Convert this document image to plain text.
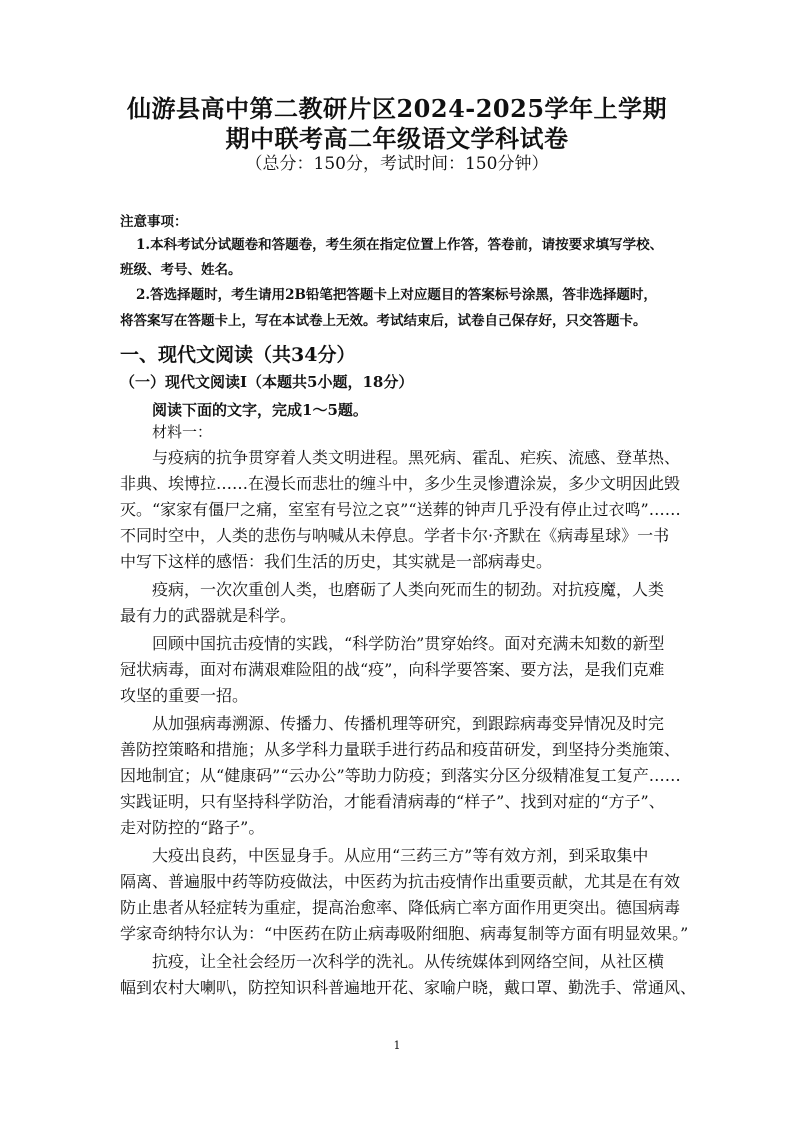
仙游县高中第二教研片区2024-2025学年上学期
期中联考高二年级语文学科试卷
（总分：150分，考试时间：150分钟）
注意事项：
1.本科考试分试题卷和答题卷，考生须在指定位置上作答，答卷前，请按要求填写学校、
班级、考号、姓名。
2.答选择题时，考生请用2B铅笔把答题卡上对应题目的答案标号涂黑，答非选择题时，
将答案写在答题卡上，写在本试卷上无效。考试结束后，试卷自己保存好，只交答题卡。
一、现代文阅读（共34分）
（一）现代文阅读Ⅰ（本题共5小题，18分）
阅读下面的文字，完成1～5题。
材料一：
与疫病的抗争贯穿着人类文明进程。黑死病、霍乱、疟疾、流感、登革热、
非典、埃博拉……在漫长而悲壮的缠斗中，多少生灵惨遭涂炭，多少文明因此毁
灭。“家家有僵尸之痛，室室有号泣之哀”“送葬的钟声几乎没有停止过衣鸣”……
不同时空中，人类的悲伤与呐喊从未停息。学者卡尔·齐默在《病毒星球》一书
中写下这样的感悟：我们生活的历史，其实就是一部病毒史。
疫病，一次次重创人类，也磨砺了人类向死而生的韧劲。对抗疫魔，人类
最有力的武器就是科学。
回顾中国抗击疫情的实践，“科学防治”贯穿始终。面对充满未知数的新型
冠状病毒，面对布满艰难险阻的战“疫”，向科学要答案、要方法，是我们克难
攻坚的重要一招。
从加强病毒溯源、传播力、传播机理等研究，到跟踪病毒变异情况及时完
善防控策略和措施；从多学科力量联手进行药品和疫苗研发，到坚持分类施策、
因地制宜；从“健康码”“云办公”等助力防疫；到落实分区分级精准复工复产……
实践证明，只有坚持科学防治，才能看清病毒的“样子”、找到对症的“方子”、
走对防控的“路子”。
大疫出良药，中医显身手。从应用“三药三方”等有效方剂，到采取集中
隔离、普遍服中药等防疫做法，中医药为抗击疫情作出重要贡献，尤其是在有效
防止患者从轻症转为重症，提高治愈率、降低病亡率方面作用更突出。德国病毒
学家奇纳特尔认为：“中医药在防止病毒吸附细胞、病毒复制等方面有明显效果。”
抗疫，让全社会经历一次科学的洗礼。从传统媒体到网络空间，从社区横
幅到农村大喇叭，防控知识科普遍地开花、家喻户晓，戴口罩、勤洗手、常通风、
1
